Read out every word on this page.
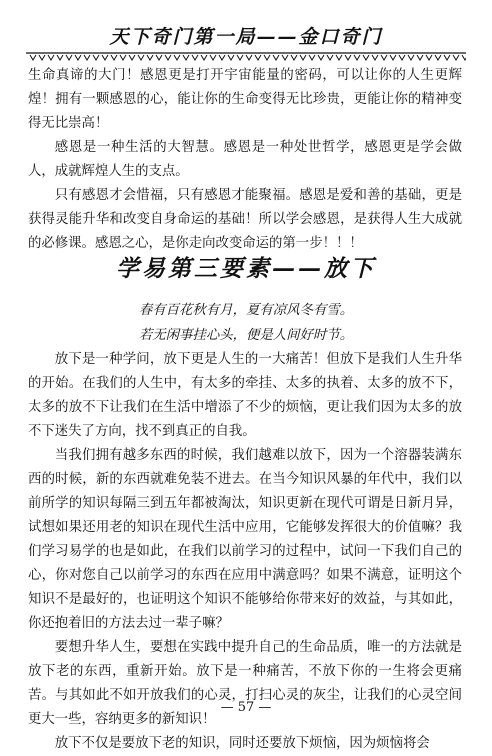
天下奇门第一局——金口奇门

生命真谛的大门！感恩更是打开宇宙能量的密码，可以让你的人生更辉煌！拥有一颗感恩的心，能让你的生命变得无比珍贵，更能让你的精神变得无比崇高！

感恩是一种生活的大智慧。感恩是一种处世哲学，感恩更是学会做人，成就辉煌人生的支点。

只有感恩才会惜福，只有感恩才能聚福。感恩是爱和善的基础，更是获得灵能升华和改变自身命运的基础！所以学会感恩，是获得人生大成就的必修课。感恩之心，是你走向改变命运的第一步！！！

学易第三要素——放下
春有百花秋有月，夏有凉风冬有雪。
若无闲事挂心头，便是人间好时节。

放下是一种学问，放下更是人生的一大痛苦！但放下是我们人生升华的开始。在我们的人生中，有太多的牵挂、太多的执着、太多的放不下，太多的放不下让我们在生活中增添了不少的烦恼，更让我们因为太多的放不下迷失了方向，找不到真正的自我。

当我们拥有越多东西的时候，我们越难以放下，因为一个溶器装满东西的时候，新的东西就难免装不进去。在当今知识风暴的年代中，我们以前所学的知识每隔三到五年都被淘汰，知识更新在现代可谓是日新月异，试想如果还用老的知识在现代生活中应用，它能够发挥很大的价值嘛？我们学习易学的也是如此，在我们以前学习的过程中，试问一下我们自己的心，你对您自己以前学习的东西在应用中满意吗？如果不满意，证明这个知识不是最好的，也证明这个知识不能够给你带来好的效益，与其如此，你还抱着旧的方法去过一辈子嘛？

要想升华人生，要想在实践中提升自己的生命品质，唯一的方法就是放下老的东西，重新开始。放下是一种痛苦，不放下你的一生将会更痛苦。与其如此不如开放我们的心灵，打扫心灵的灰尘，让我们的心灵空间更大一些，容纳更多的新知识！

放下不仅是要放下老的知识，同时还要放下烦恼，因为烦恼将会

— 57 —
